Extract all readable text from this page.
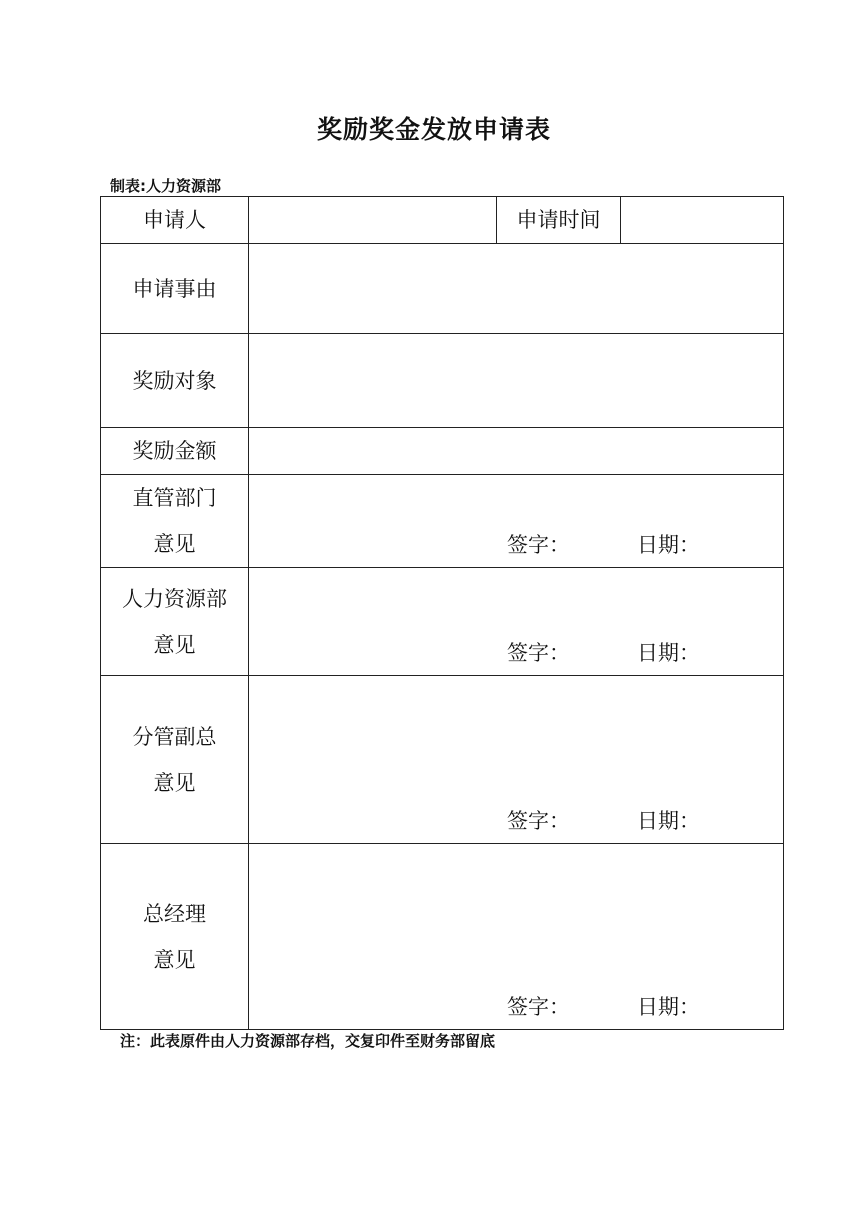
奖励奖金发放申请表
制表:人力资源部
申请人		申请时间	
申请事由			
奖励对象			
奖励金额			

直管部门
意见	签字： 日期：		

人力资源部
意见	签字： 日期：		

分管副总
意见	签字： 日期：		

总经理
意见	签字： 日期：		
注：此表原件由人力资源部存档，交复印件至财务部留底
